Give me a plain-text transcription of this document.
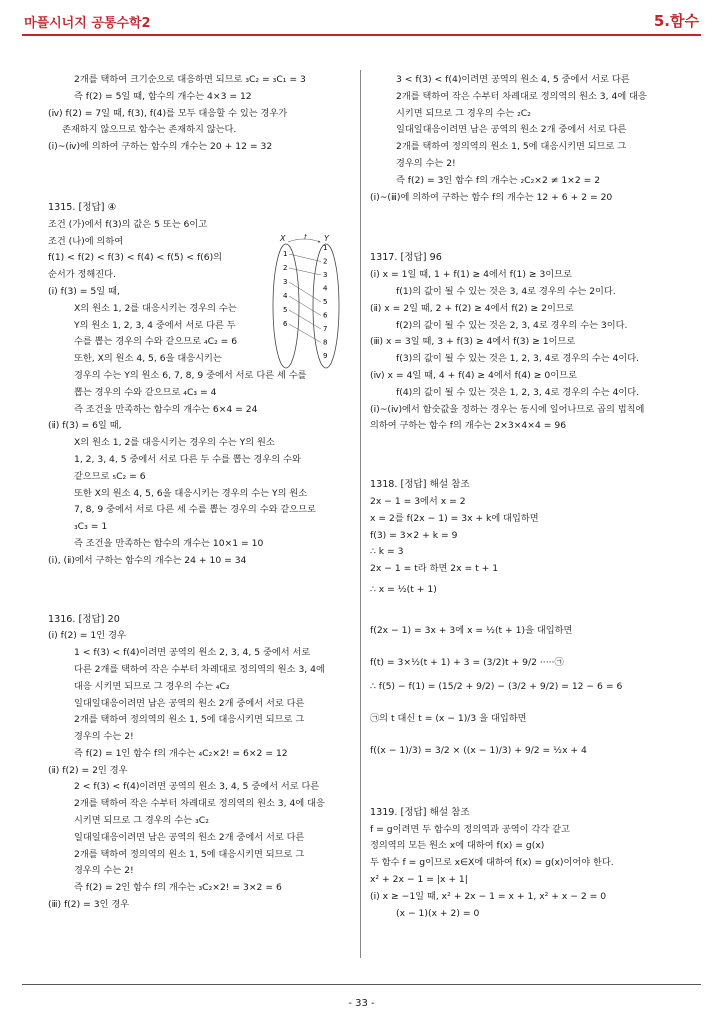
마플시너지 공통수학2	5.함수
2개를 택하여 크기순으로 대응하면 되므로 ₃C₂ = ₃C₁ = 3
즉 f(2) = 5일 때, 함수의 개수는 4×3 = 12
(ⅳ) f(2) = 7일 때, f(3), f(4)를 모두 대응할 수 있는 경우가
존재하지 않으므로 함수는 존재하지 않는다.
(ⅰ)~(ⅳ)에 의하여 구하는 함수의 개수는 20 + 12 = 32
1315. [정답] ④
조건 (가)에서 f(3)의 값은 5 또는 6이고
조건 (나)에 의하여
f(1) < f(2) < f(3) < f(4) < f(5) < f(6)의
순서가 정해진다.
(ⅰ) f(3) = 5일 때,
X의 원소 1, 2를 대응시키는 경우의 수는
Y의 원소 1, 2, 3, 4 중에서 서로 다른 두
수를 뽑는 경우의 수와 같으므로 ₄C₂ = 6
또한, X의 원소 4, 5, 6을 대응시키는
경우의 수는 Y의 원소 6, 7, 8, 9 중에서 서로 다른 세 수를
뽑는 경우의 수와 같으므로 ₄C₃ = 4
즉 조건을 만족하는 함수의 개수는 6×4 = 24
(ⅱ) f(3) = 6일 때,
X의 원소 1, 2를 대응시키는 경우의 수는 Y의 원소
1, 2, 3, 4, 5 중에서 서로 다른 두 수를 뽑는 경우의 수와
같으므로 ₅C₂ = 6
또한 X의 원소 4, 5, 6을 대응시키는 경우의 수는 Y의 원소
7, 8, 9 중에서 서로 다른 세 수를 뽑는 경우의 수와 같으므로
₃C₃ = 1
즉 조건을 만족하는 함수의 개수는 10×1 = 10
(ⅰ), (ⅱ)에서 구하는 함수의 개수는 24 + 10 = 34
1316. [정답] 20
(ⅰ) f(2) = 1인 경우
1 < f(3) < f(4)이려면 공역의 원소 2, 3, 4, 5 중에서 서로
다른 2개를 택하여 작은 수부터 차례대로 정의역의 원소 3, 4에
대응 시키면 되므로 그 경우의 수는 ₄C₂
일대일대응이려면 남은 공역의 원소 2개 중에서 서로 다른
2개를 택하여 정의역의 원소 1, 5에 대응시키면 되므로 그
경우의 수는 2!
즉 f(2) = 1인 함수 f의 개수는 ₄C₂×2! = 6×2 = 12
(ⅱ) f(2) = 2인 경우
2 < f(3) < f(4)이려면 공역의 원소 3, 4, 5 중에서 서로 다른
2개를 택하여 작은 수부터 차례대로 정의역의 원소 3, 4에 대응
시키면 되므로 그 경우의 수는 ₃C₂
일대일대응이려면 남은 공역의 원소 2개 중에서 서로 다른
2개를 택하여 정의역의 원소 1, 5에 대응시키면 되므로 그
경우의 수는 2!
즉 f(2) = 2인 함수 f의 개수는 ₃C₂×2! = 3×2 = 6
(ⅲ) f(2) = 3인 경우
3 < f(3) < f(4)이려면 공역의 원소 4, 5 중에서 서로 다른
2개를 택하여 작은 수부터 차례대로 정의역의 원소 3, 4에 대응
시키면 되므로 그 경우의 수는 ₂C₂
일대일대응이려면 남은 공역의 원소 2개 중에서 서로 다른
2개를 택하여 정의역의 원소 1, 5에 대응시키면 되므로 그
경우의 수는 2!
즉 f(2) = 3인 함수 f의 개수는 ₂C₂×2 ≠ 1×2 = 2
(ⅰ)~(ⅲ)에 의하여 구하는 함수 f의 개수는 12 + 6 + 2 = 20
1317. [정답] 96
(ⅰ) x = 1일 때, 1 + f(1) ≥ 4에서 f(1) ≥ 3이므로
f(1)의 값이 될 수 있는 것은 3, 4로 경우의 수는 2이다.
(ⅱ) x = 2일 때, 2 + f(2) ≥ 4에서 f(2) ≥ 2이므로
f(2)의 값이 될 수 있는 것은 2, 3, 4로 경우의 수는 3이다.
(ⅲ) x = 3일 때, 3 + f(3) ≥ 4에서 f(3) ≥ 1이므로
f(3)의 값이 될 수 있는 것은 1, 2, 3, 4로 경우의 수는 4이다.
(ⅳ) x = 4일 때, 4 + f(4) ≥ 4에서 f(4) ≥ 0이므로
f(4)의 값이 될 수 있는 것은 1, 2, 3, 4로 경우의 수는 4이다.
(ⅰ)~(ⅳ)에서 함숫값을 정하는 경우는 동시에 일어나므로 곱의 법칙에
의하여 구하는 함수 f의 개수는 2×3×4×4 = 96
1318. [정답] 해설 참조
2x − 1 = 3에서 x = 2
x = 2를 f(2x − 1) = 3x + k에 대입하면
f(3) = 3×2 + k = 9
∴ k = 3
2x − 1 = t라 하면 2x = t + 1
∴ x = ½(t + 1)
f(2x − 1) = 3x + 3에 x = ½(t + 1)을 대입하면
f(t) = 3×½(t + 1) + 3 = (3/2)t + 9/2 ·····㉠
∴ f(5) − f(1) = (15/2 + 9/2) − (3/2 + 9/2) = 12 − 6 = 6
㉠의 t 대신 t = (x − 1)/3 을 대입하면
f((x − 1)/3) = 3/2 × ((x − 1)/3) + 9/2 = ½x + 4
1319. [정답] 해설 참조
f = g이려면 두 함수의 정의역과 공역이 각각 같고
정의역의 모든 원소 x에 대하여 f(x) = g(x)
두 함수 f = g이므로 x∈X에 대하여 f(x) = g(x)이어야 한다.
x² + 2x − 1 = |x + 1|
(ⅰ) x ≥ −1일 때, x² + 2x − 1 = x + 1, x² + x − 2 = 0
(x − 1)(x + 2) = 0
X	Y
f
1
2
3
4
5
6
1
2
3
4
5
6
7
8
9
- 33 -
